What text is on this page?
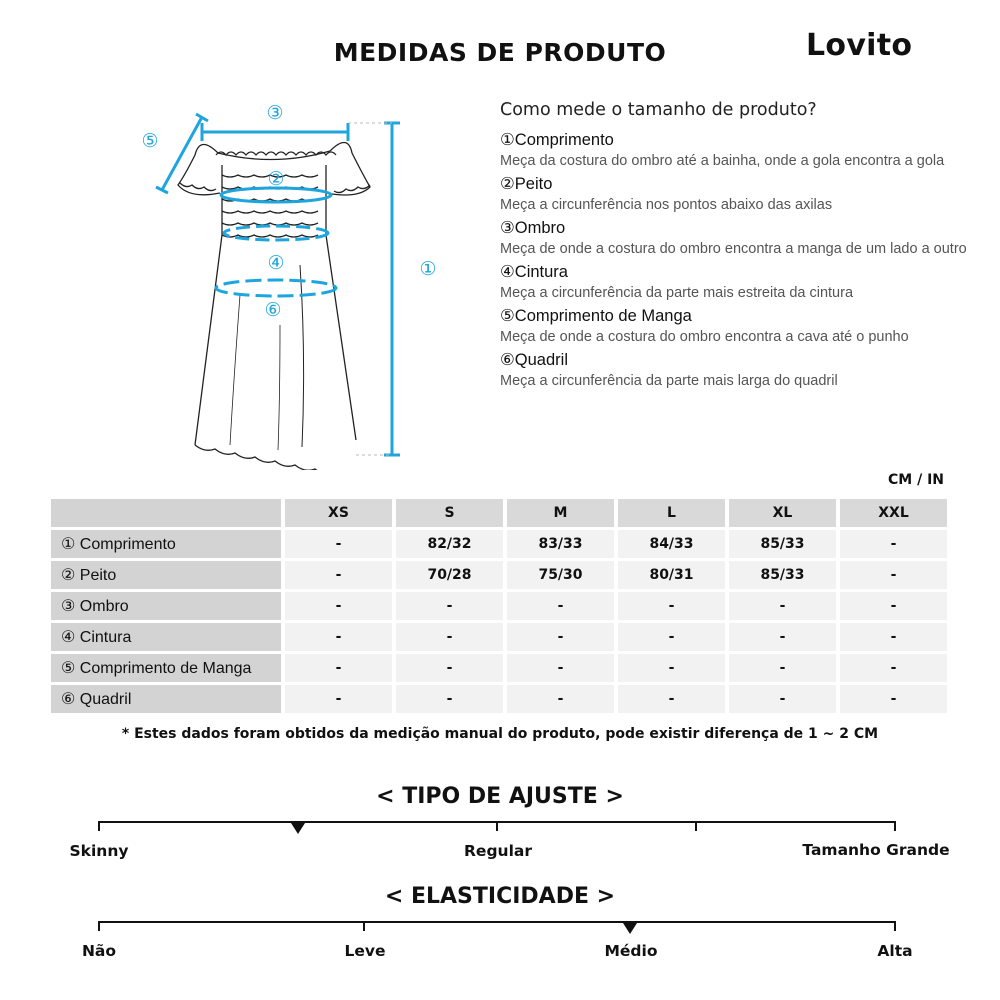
MEDIDAS DE PRODUTO	Lovito
①
②
③
④
⑤
⑥
Como mede o tamanho de produto?
①Comprimento
Meça da costura do ombro até a bainha, onde a gola encontra a gola
②Peito
Meça a circunferência nos pontos abaixo das axilas
③Ombro
Meça de onde a costura do ombro encontra a manga de um lado a outro
④Cintura
Meça a circunferência da parte mais estreita da cintura
⑤Comprimento de Manga
Meça de onde a costura do ombro encontra a cava até o punho
⑥Quadril
Meça a circunferência da parte mais larga do quadril
CM / IN
	XS	S	M	L	XL	XXL
① Comprimento	-	82/32	83/33	84/33	85/33	-
② Peito	-	70/28	75/30	80/31	85/33	-
③ Ombro	-	-	-	-	-	-
④ Cintura	-	-	-	-	-	-
⑤ Comprimento de Manga	-	-	-	-	-	-
⑥ Quadril	-	-	-	-	-	-
* Estes dados foram obtidos da medição manual do produto, pode existir diferença de 1 ~ 2 CM
< TIPO DE AJUSTE >
Skinny	Regular	Tamanho Grande
< ELASTICIDADE >
Não	Leve	Médio	Alta
